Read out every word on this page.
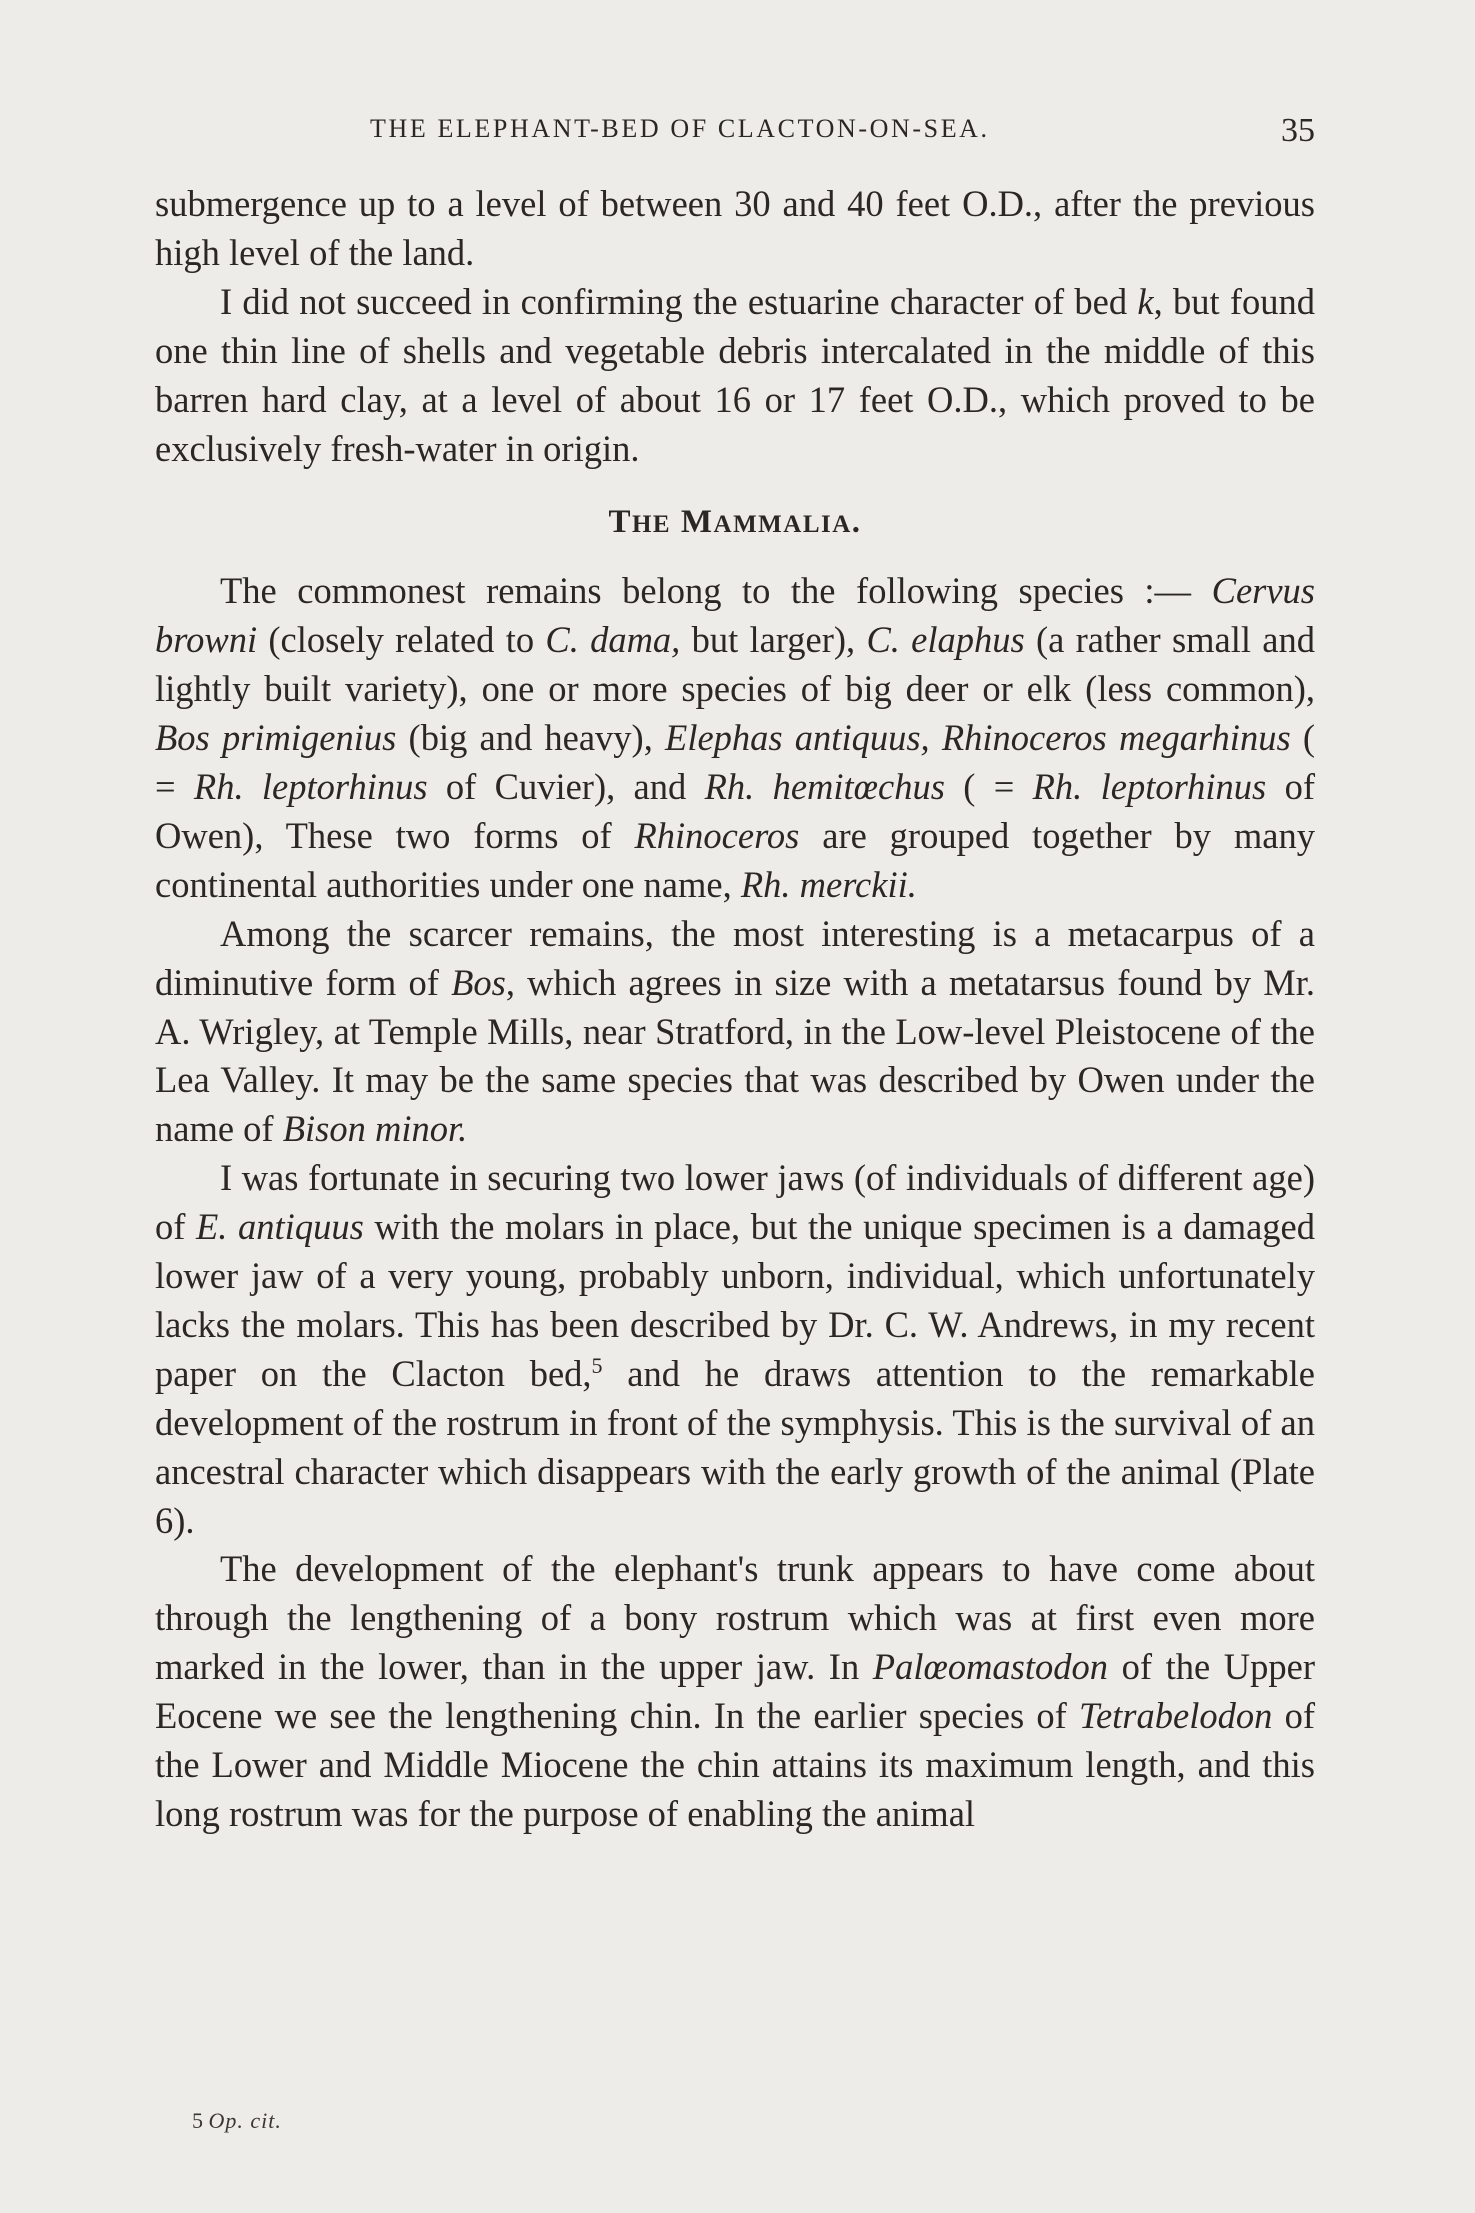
THE ELEPHANT-BED OF CLACTON-ON-SEA.	35

submergence up to a level of between 30 and 40 feet O.D., after the previous high level of the land.

I did not succeed in confirming the estuarine character of bed k, but found one thin line of shells and vegetable debris intercalated in the middle of this barren hard clay, at a level of about 16 or 17 feet O.D., which proved to be exclusively fresh-water in origin.

THE MAMMALIA.

The commonest remains belong to the following species :— Cervus browni (closely related to C. dama, but larger), C. elaphus (a rather small and lightly built variety), one or more species of big deer or elk (less common), Bos primigenius (big and heavy), Elephas antiquus, Rhinoceros megarhinus ( = Rh. leptorhinus of Cuvier), and Rh. hemitœchus ( = Rh. leptorhinus of Owen), These two forms of Rhinoceros are grouped together by many continental authorities under one name, Rh. merckii.

Among the scarcer remains, the most interesting is a metacarpus of a diminutive form of Bos, which agrees in size with a metatarsus found by Mr. A. Wrigley, at Temple Mills, near Stratford, in the Low-level Pleistocene of the Lea Valley. It may be the same species that was described by Owen under the name of Bison minor.

I was fortunate in securing two lower jaws (of individuals of different age) of E. antiquus with the molars in place, but the unique specimen is a damaged lower jaw of a very young, probably unborn, individual, which unfortunately lacks the molars. This has been described by Dr. C. W. Andrews, in my recent paper on the Clacton bed,$^5$ and he draws attention to the remarkable development of the rostrum in front of the symphysis. This is the survival of an ancestral character which disappears with the early growth of the animal (Plate 6).

The development of the elephant's trunk appears to have come about through the lengthening of a bony rostrum which was at first even more marked in the lower, than in the upper jaw. In Palœomastodon of the Upper Eocene we see the lengthening chin. In the earlier species of Tetrabelodon of the Lower and Middle Miocene the chin attains its maximum length, and this long rostrum was for the purpose of enabling the animal

5 Op. cit.
